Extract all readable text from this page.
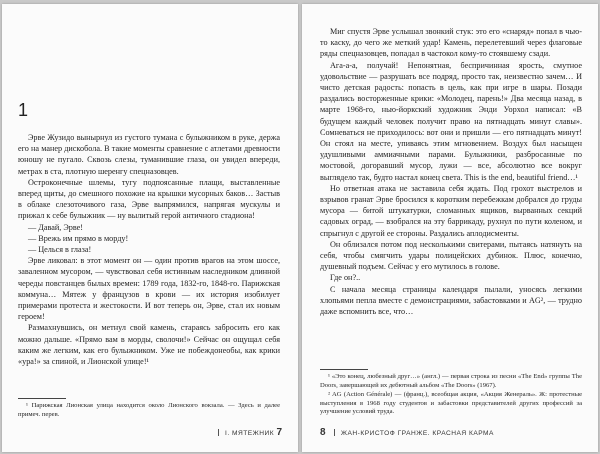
1

Эрве Жузидо вынырнул из густого тумана с булыжником в руке, держа его на манер дискобола. В такие моменты сравнение с атлетами древности юношу не пугало. Сквозь слезы, туманившие глаза, он увидел впереди, метрах в ста, плотную шеренгу спецназовцев.

Остроконечные шлемы, тугу подпоясанные плащи, выставленные вперед щиты, до смешного похожие на крышки мусорных баков… Застыв в облаке слезоточивого газа, Эрве выпрямился, напрягая мускулы и прижал к себе булыжник — ну вылитый герой античного стадиона!

— Давай, Эрве!

— Врежь им прямо в морду!

— Целься в глаза!

Эрве ликовал: в этот момент он — один против врагов на этом шоссе, заваленном мусором, — чувствовал себя истинным наследником длинной череды повстанцев былых времен: 1789 года, 1832-го, 1848-го. Парижская коммуна… Мятеж у французов в крови — их история изобилует примерами протеста и жестокости. И вот теперь он, Эрве, стал их новым героем!

Размахнувшись, он метнул свой камень, стараясь забросить его как можно дальше. «Прямо вам в морды, сволочи!» Сейчас он ощущал себя каким же легким, как его булыжником. Уже не побеждонеобы, как крики «ура!» за спиной, и Лионской улице!¹

¹ Парижская Лионская улица находится около Лионского вокзала. — Здесь и далее примеч. перев.

I. МЯТЕЖНИК 7

Миг спустя Эрве услышал звонкий стук: это его «снаряд» попал в чью-то каску, до чего же меткий удар! Камень, перелетевший через флаговые ряды спецназовцев, попадал в частокол кому-то стоявшему сзади.

Ага-а-а, получай! Непонятная, беспричинная ярость, смутное удовольствие — разрушать все подряд, просто так, неизвестно зачем… И чисто детская радость: попасть в цель, как при игре в шары. Позади раздались восторженные крики: «Молодец, парень!» Два месяца назад, в марте 1968-го, нью-йоркский художник Энди Уорхол написал: «В будущем каждый человек получит право на пятнадцать минут славы». Сомневаться не приходилось: вот они и пришли — его пятнадцать минут! Он стоял на месте, упиваясь этим мгновением. Воздух был насыщен удушливыми аммиачными парами. Булыжники, разбросанные по мостовой, догоравший мусор, лужи — все, абсолютно все вокруг выглядело так, будто настал конец света. This is the end, beautiful friend…¹

Но ответная атака не заставила себя ждать. Под грохот выстрелов и взрывов гранат Эрве бросился к коротким перебежкам добрался до груды мусора — битой штукатурки, сломанных ящиков, вырванных секций садовых оград, — взобрался на эту баррикаду, рухнул по пути коленом, и спрыгнул с другой ее стороны. Раздались аплодисменты.

Он облизался потом под несколькими свитерами, пытаясь натянуть на себя, чтобы смягчить удары полицейских дубинок. Плюс, конечно, душевный подъем. Сейчас у его мутилось в голове.

Где он?..

С начала месяца страницы календаря пылали, уносясь легкими хлопьями пепла вместе с демонстрациями, забастовками и AG², — трудно даже вспомнить все, что…

¹ «Это конец, любезный друг…» (англ.) — первая строка из песни «The End» группы The Doors, завершающей их дебютный альбом «The Doors» (1967).

² AG (Action Générale) — (франц.), всеобщая акция, «Акция Женераль». Ж: протестные выступления в 1968 году студентов и забастовки представителей других профессий за улучшение условий труда.

8 ЖАН-КРИСТОФ ГРАНЖЕ. КРАСНАЯ КАРМА
